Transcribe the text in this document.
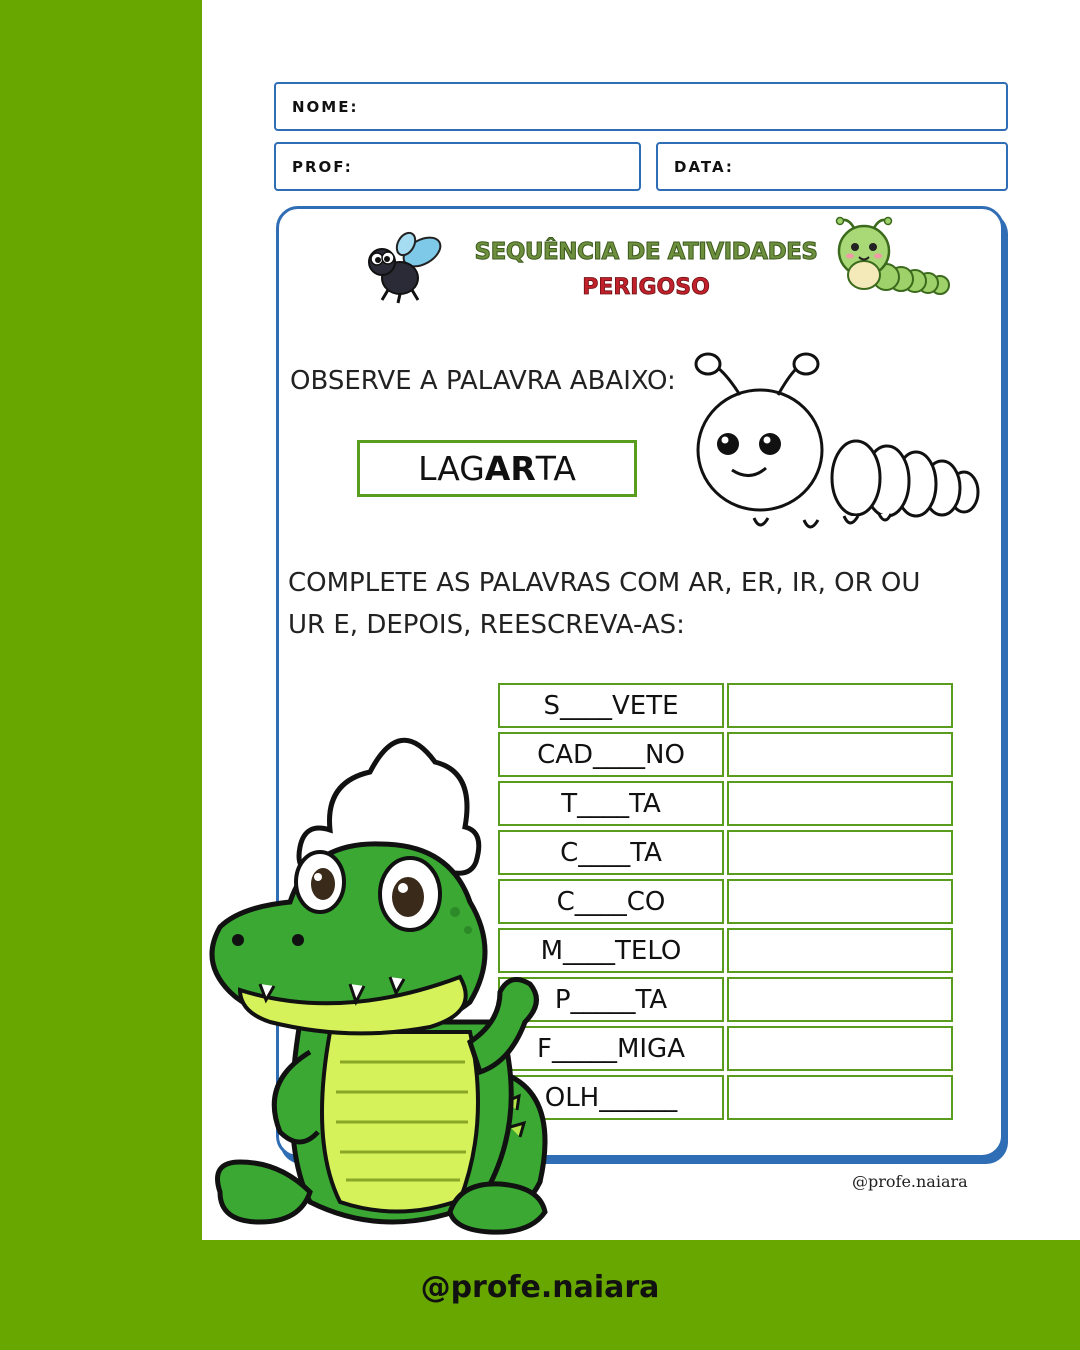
NOME:
PROF:	DATA:
SEQUÊNCIA DE ATIVIDADES
PERIGOSO
OBSERVE A PALAVRA ABAIXO:
LAG AR TA
COMPLETE AS PALAVRAS COM AR, ER, IR, OR OU
UR E, DEPOIS, REESCREVA-AS:
S____VETE
CAD____NO
T____TA
C____TA
C____CO
M____TELO
P_____TA
F_____MIGA
OLH______
@profe.naiara
@profe.naiara
